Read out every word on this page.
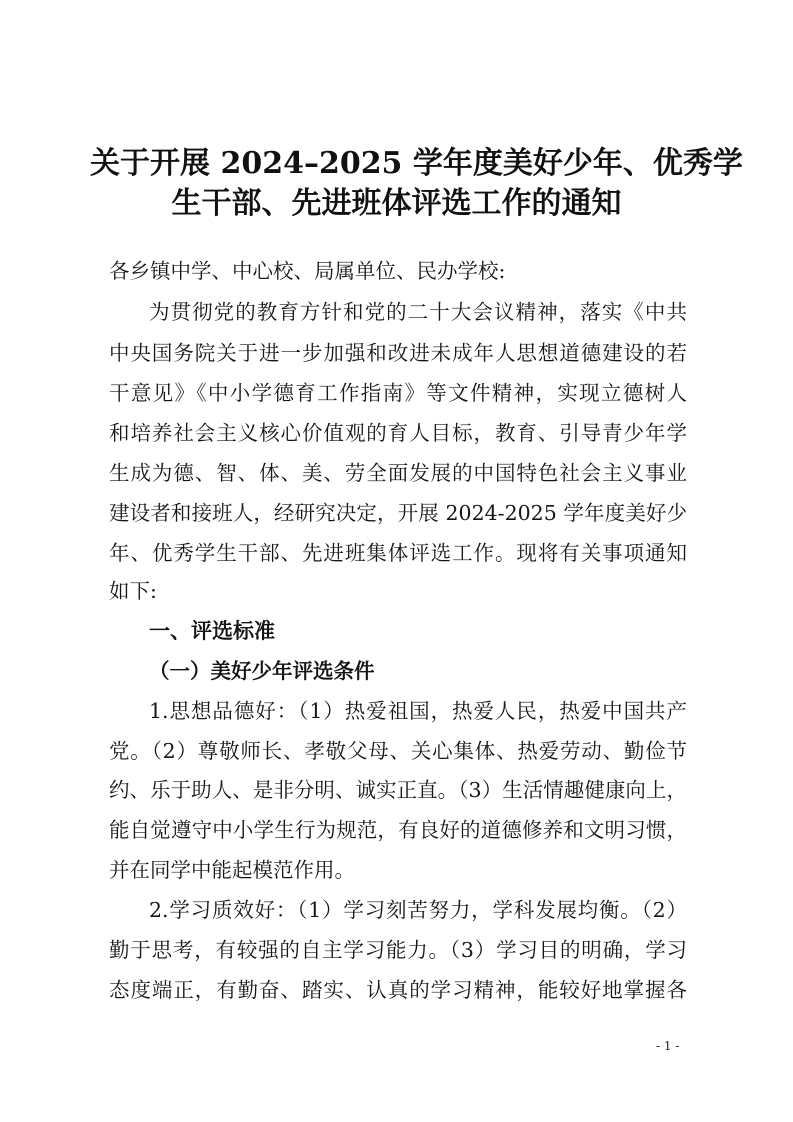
关于开展 2024–2025 学年度美好少年、优秀学
生干部、先进班体评选工作的通知
各乡镇中学、中心校、局属单位、民办学校:
为贯彻党的教育方针和党的二十大会议精神，落实《中共
中央国务院关于进一步加强和改进未成年人思想道德建设的若
干意见》《中小学德育工作指南》等文件精神，实现立德树人
和培养社会主义核心价值观的育人目标，教育、引导青少年学
生成为德、智、体、美、劳全面发展的中国特色社会主义事业
建设者和接班人，经研究决定，开展 2024-2025 学年度美好少
年、优秀学生干部、先进班集体评选工作。现将有关事项通知
如下:
一、评选标准
（一）美好少年评选条件
1.思想品德好：（1）热爱祖国，热爱人民，热爱中国共产
党。（2）尊敬师长、孝敬父母、关心集体、热爱劳动、勤俭节
约、乐于助人、是非分明、诚实正直。（3）生活情趣健康向上，
能自觉遵守中小学生行为规范，有良好的道德修养和文明习惯，
并在同学中能起模范作用。
2.学习质效好：（1）学习刻苦努力，学科发展均衡。（2）
勤于思考，有较强的自主学习能力。（3）学习目的明确，学习
态度端正，有勤奋、踏实、认真的学习精神，能较好地掌握各
- 1 -
